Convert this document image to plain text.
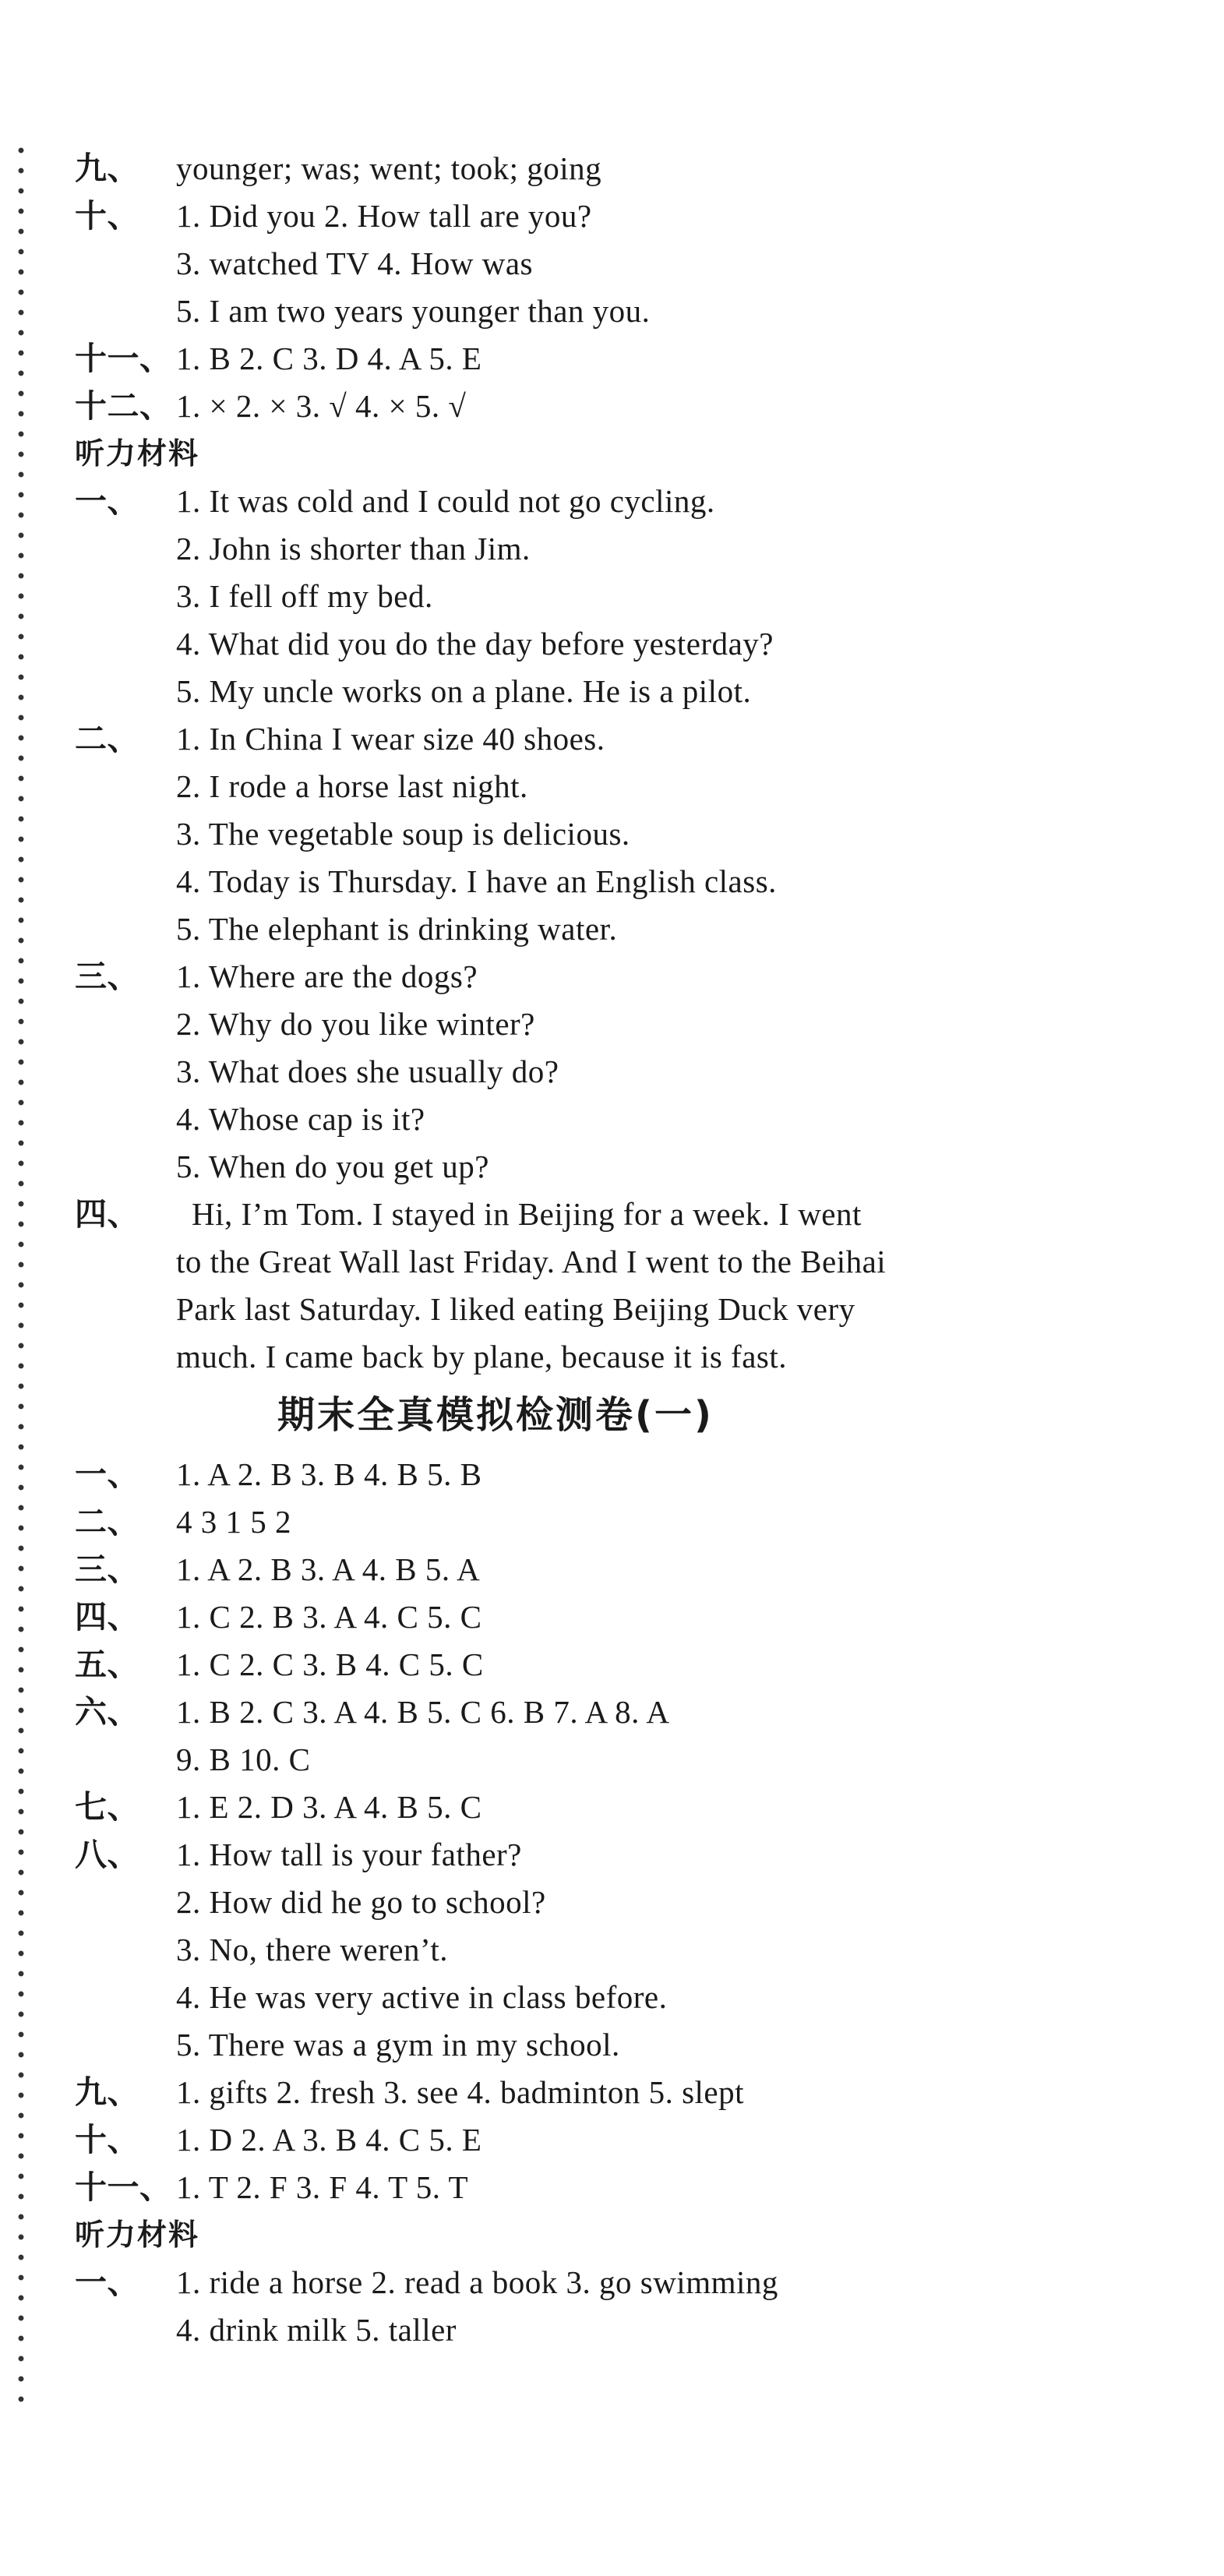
九、 younger; was; went; took; going
十、 1. Did you 2. How tall are you?
3. watched TV 4. How was
5. I am two years younger than you.
十一、 1. B 2. C 3. D 4. A 5. E
十二、 1. × 2. × 3. √ 4. × 5. √
听力材料
一、 1. It was cold and I could not go cycling.
2. John is shorter than Jim.
3. I fell off my bed.
4. What did you do the day before yesterday?
5. My uncle works on a plane. He is a pilot.
二、 1. In China I wear size 40 shoes.
2. I rode a horse last night.
3. The vegetable soup is delicious.
4. Today is Thursday. I have an English class.
5. The elephant is drinking water.
三、 1. Where are the dogs?
2. Why do you like winter?
3. What does she usually do?
4. Whose cap is it?
5. When do you get up?
四、 Hi, I’m Tom. I stayed in Beijing for a week. I went
to the Great Wall last Friday. And I went to the Beihai
Park last Saturday. I liked eating Beijing Duck very
much. I came back by plane, because it is fast.
期末全真模拟检测卷(一)
一、 1. A 2. B 3. B 4. B 5. B
二、 4 3 1 5 2
三、 1. A 2. B 3. A 4. B 5. A
四、 1. C 2. B 3. A 4. C 5. C
五、 1. C 2. C 3. B 4. C 5. C
六、 1. B 2. C 3. A 4. B 5. C 6. B 7. A 8. A
9. B 10. C
七、 1. E 2. D 3. A 4. B 5. C
八、 1. How tall is your father?
2. How did he go to school?
3. No, there weren’t.
4. He was very active in class before.
5. There was a gym in my school.
九、 1. gifts 2. fresh 3. see 4. badminton 5. slept
十、 1. D 2. A 3. B 4. C 5. E
十一、 1. T 2. F 3. F 4. T 5. T
听力材料
一、 1. ride a horse 2. read a book 3. go swimming
4. drink milk 5. taller
